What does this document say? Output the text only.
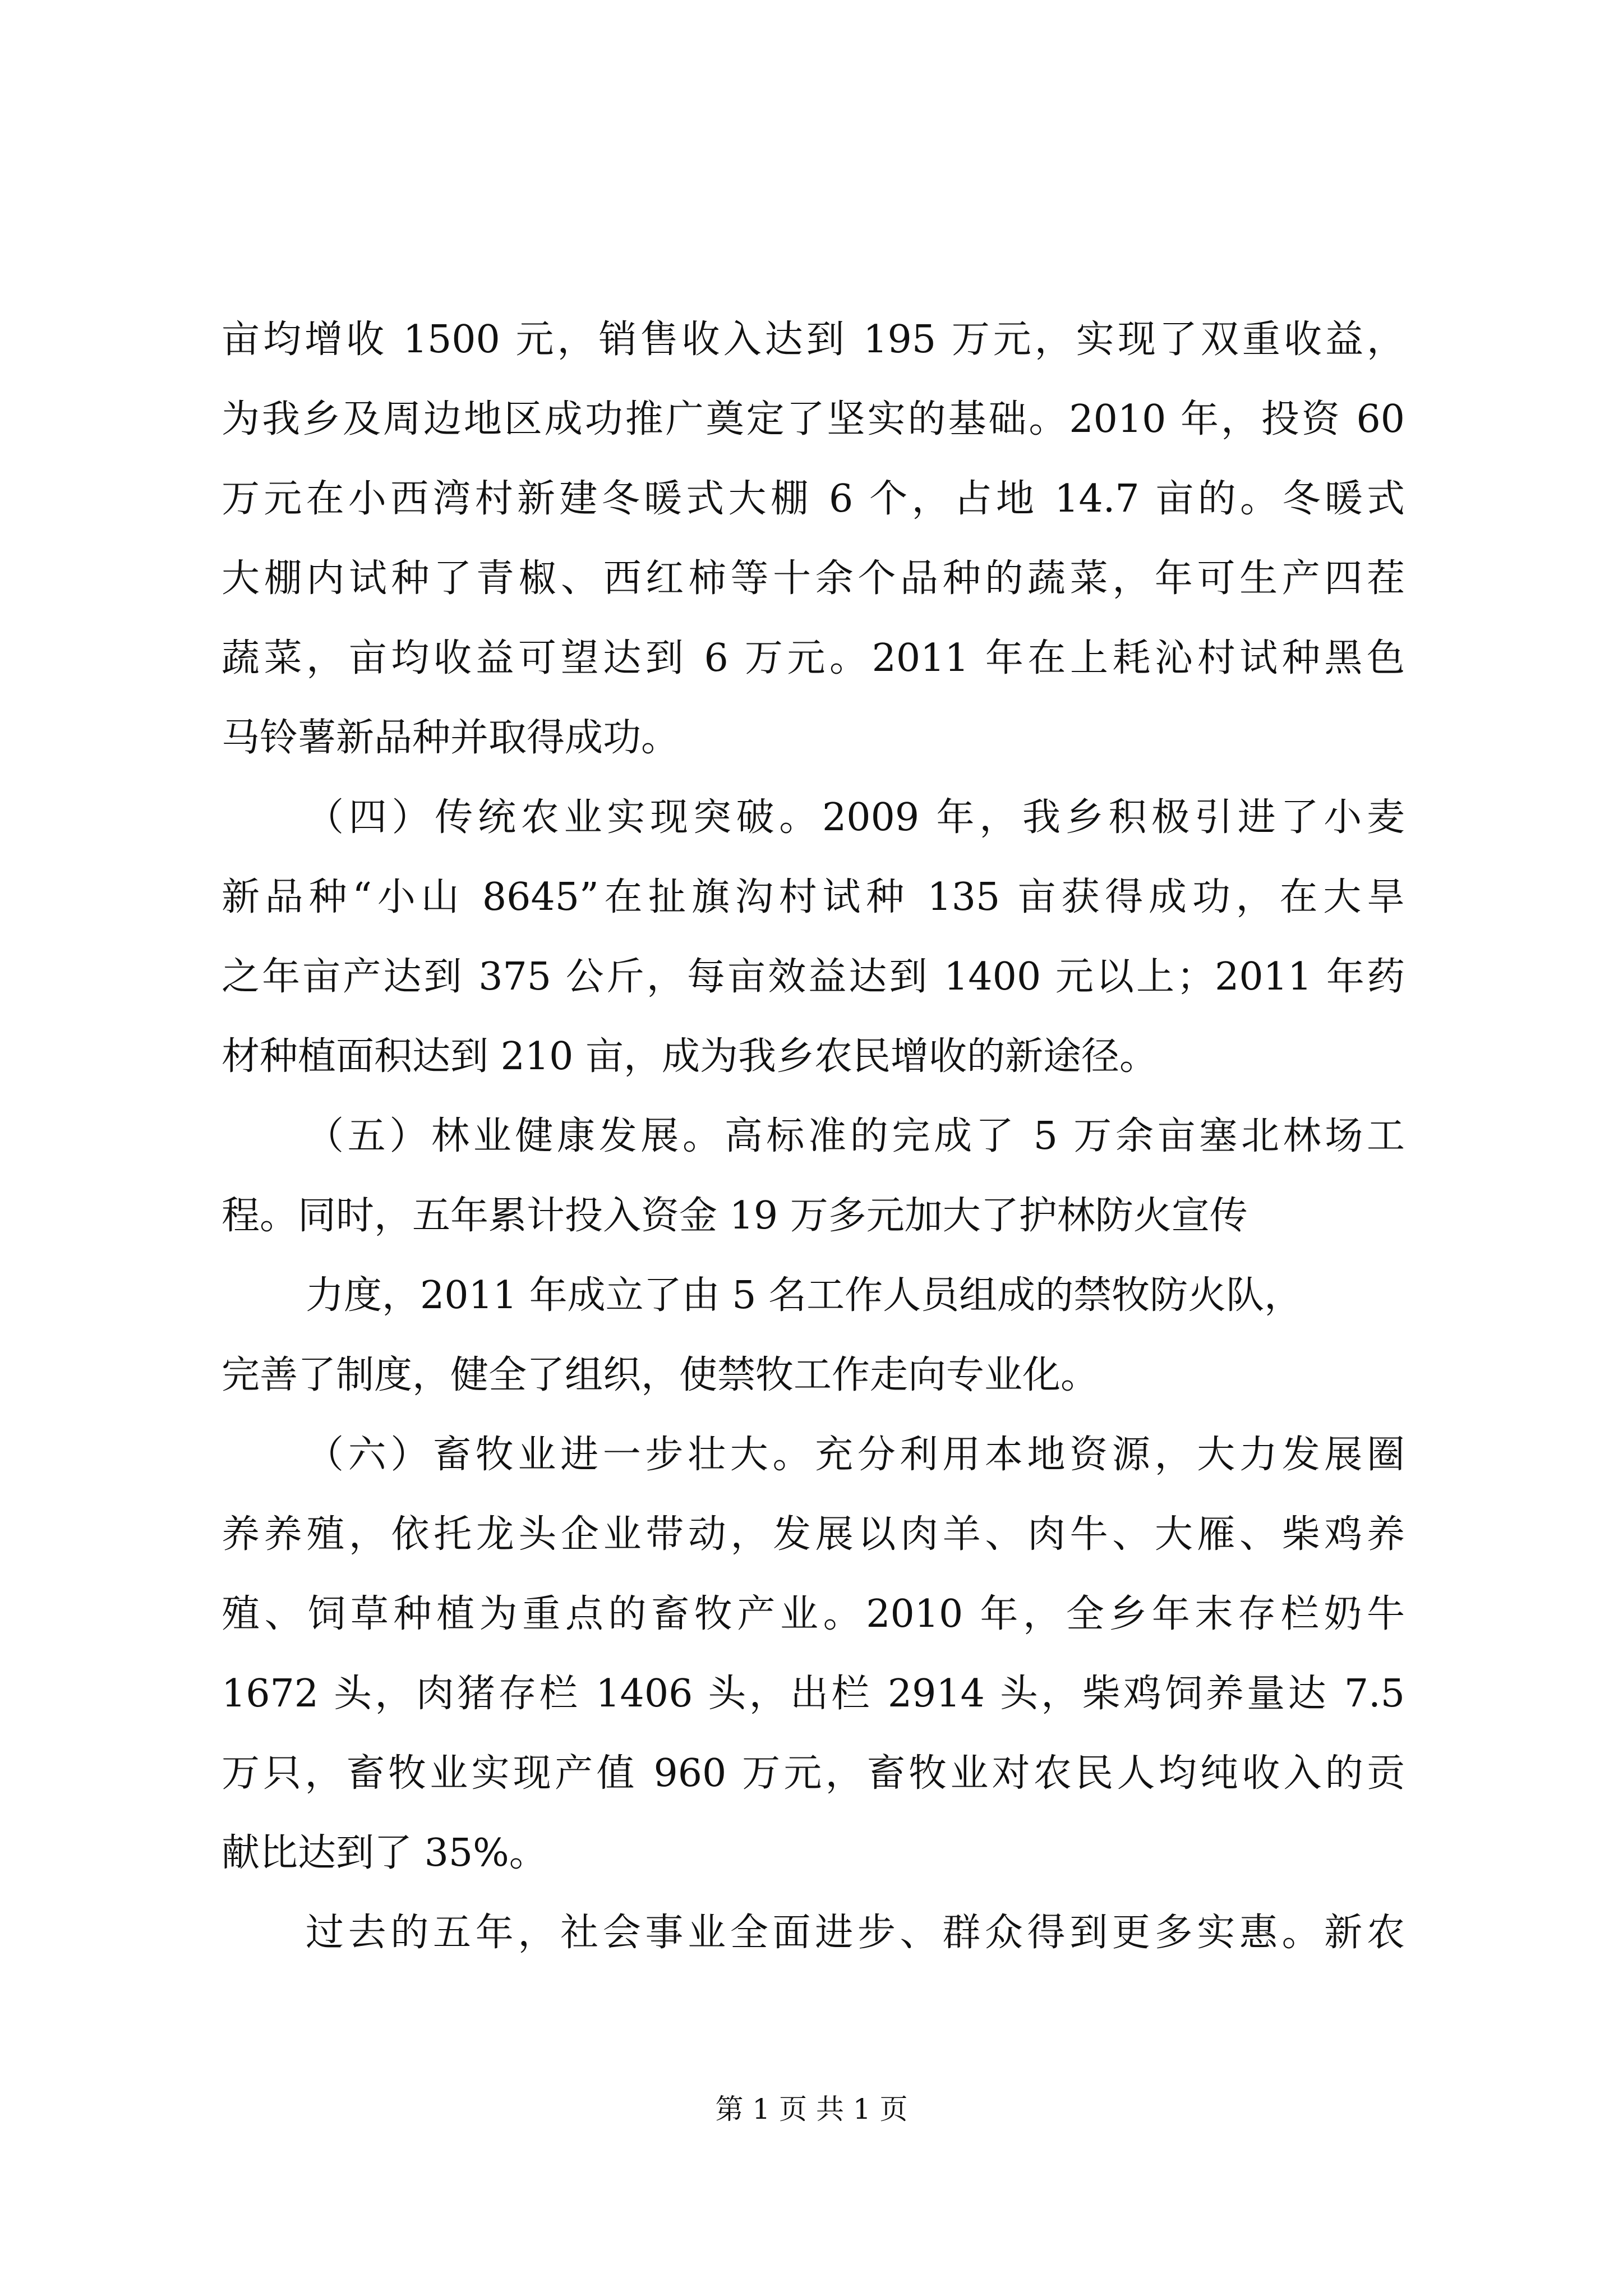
亩均增收 1500 元，销售收入达到 195 万元，实现了双重收益，
为我乡及周边地区成功推广奠定了坚实的基础。2010 年，投资 60
万元在小西湾村新建冬暖式大棚 6 个，占地 14.7 亩的。冬暖式
大棚内试种了青椒、西红柿等十余个品种的蔬菜，年可生产四茬
蔬菜，亩均收益可望达到 6 万元。2011 年在上耗沁村试种黑色
马铃薯新品种并取得成功。
（四）传统农业实现突破。2009 年，我乡积极引进了小麦
新品种“小山 8645”在扯旗沟村试种 135 亩获得成功，在大旱
之年亩产达到 375 公斤，每亩效益达到 1400 元以上；2011 年药
材种植面积达到 210 亩，成为我乡农民增收的新途径。
（五）林业健康发展。高标准的完成了 5 万余亩塞北林场工
程。同时，五年累计投入资金 19 万多元加大了护林防火宣传
力度，2011 年成立了由 5 名工作人员组成的禁牧防火队，
完善了制度，健全了组织，使禁牧工作走向专业化。
（六）畜牧业进一步壮大。充分利用本地资源，大力发展圈
养养殖，依托龙头企业带动，发展以肉羊、肉牛、大雁、柴鸡养
殖、饲草种植为重点的畜牧产业。2010 年，全乡年末存栏奶牛
1672 头，肉猪存栏 1406 头，出栏 2914 头，柴鸡饲养量达 7.5
万只，畜牧业实现产值 960 万元，畜牧业对农民人均纯收入的贡
献比达到了 35%。
过去的五年，社会事业全面进步、群众得到更多实惠。新农
第 1 页 共 1 页
